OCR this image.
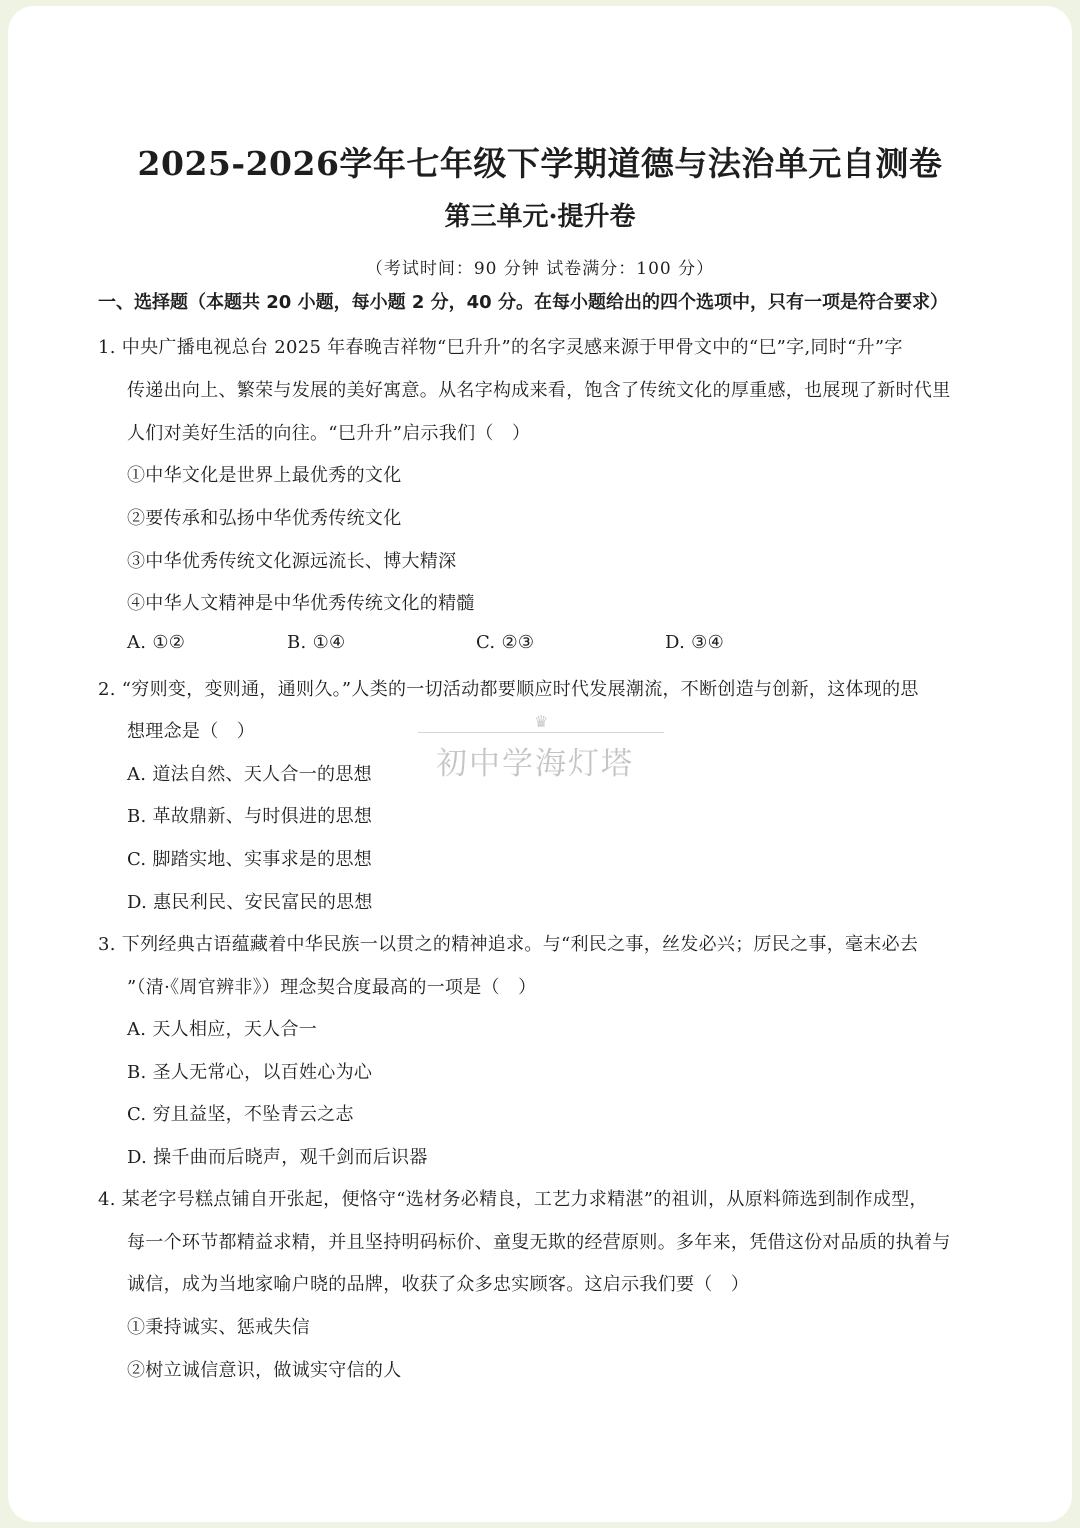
2025-2026学年七年级下学期道德与法治单元自测卷
第三单元·提升卷
（考试时间：90 分钟 试卷满分：100 分）
一、选择题（本题共 20 小题，每小题 2 分，40 分。在每小题给出的四个选项中，只有一项是符合要求）
1. 中央广播电视总台 2025 年春晚吉祥物“巳升升”的名字灵感来源于甲骨文中的“巳”字,同时“升”字
传递出向上、繁荣与发展的美好寓意。从名字构成来看，饱含了传统文化的厚重感，也展现了新时代里
人们对美好生活的向往。“巳升升”启示我们（　）
①中华文化是世界上最优秀的文化
②要传承和弘扬中华优秀传统文化
③中华优秀传统文化源远流长、博大精深
④中华人文精神是中华优秀传统文化的精髓
A. ①②	B. ①④	C. ②③	D. ③④
2. “穷则变，变则通，通则久。”人类的一切活动都要顺应时代发展潮流，不断创造与创新，这体现的思
想理念是（　）
A. 道法自然、天人合一的思想
B. 革故鼎新、与时俱进的思想
C. 脚踏实地、实事求是的思想
D. 惠民利民、安民富民的思想
3. 下列经典古语蕴藏着中华民族一以贯之的精神追求。与“利民之事，丝发必兴；厉民之事，毫末必去
”（清·《周官辨非》）理念契合度最高的一项是（　）
A. 天人相应，天人合一
B. 圣人无常心，以百姓心为心
C. 穷且益坚，不坠青云之志
D. 操千曲而后晓声，观千剑而后识器
4. 某老字号糕点铺自开张起，便恪守“选材务必精良，工艺力求精湛”的祖训，从原料筛选到制作成型，
每一个环节都精益求精，并且坚持明码标价、童叟无欺的经营原则。多年来，凭借这份对品质的执着与
诚信，成为当地家喻户晓的品牌，收获了众多忠实顾客。这启示我们要（　）
①秉持诚实、惩戒失信
②树立诚信意识，做诚实守信的人
♛
初中学海灯塔
